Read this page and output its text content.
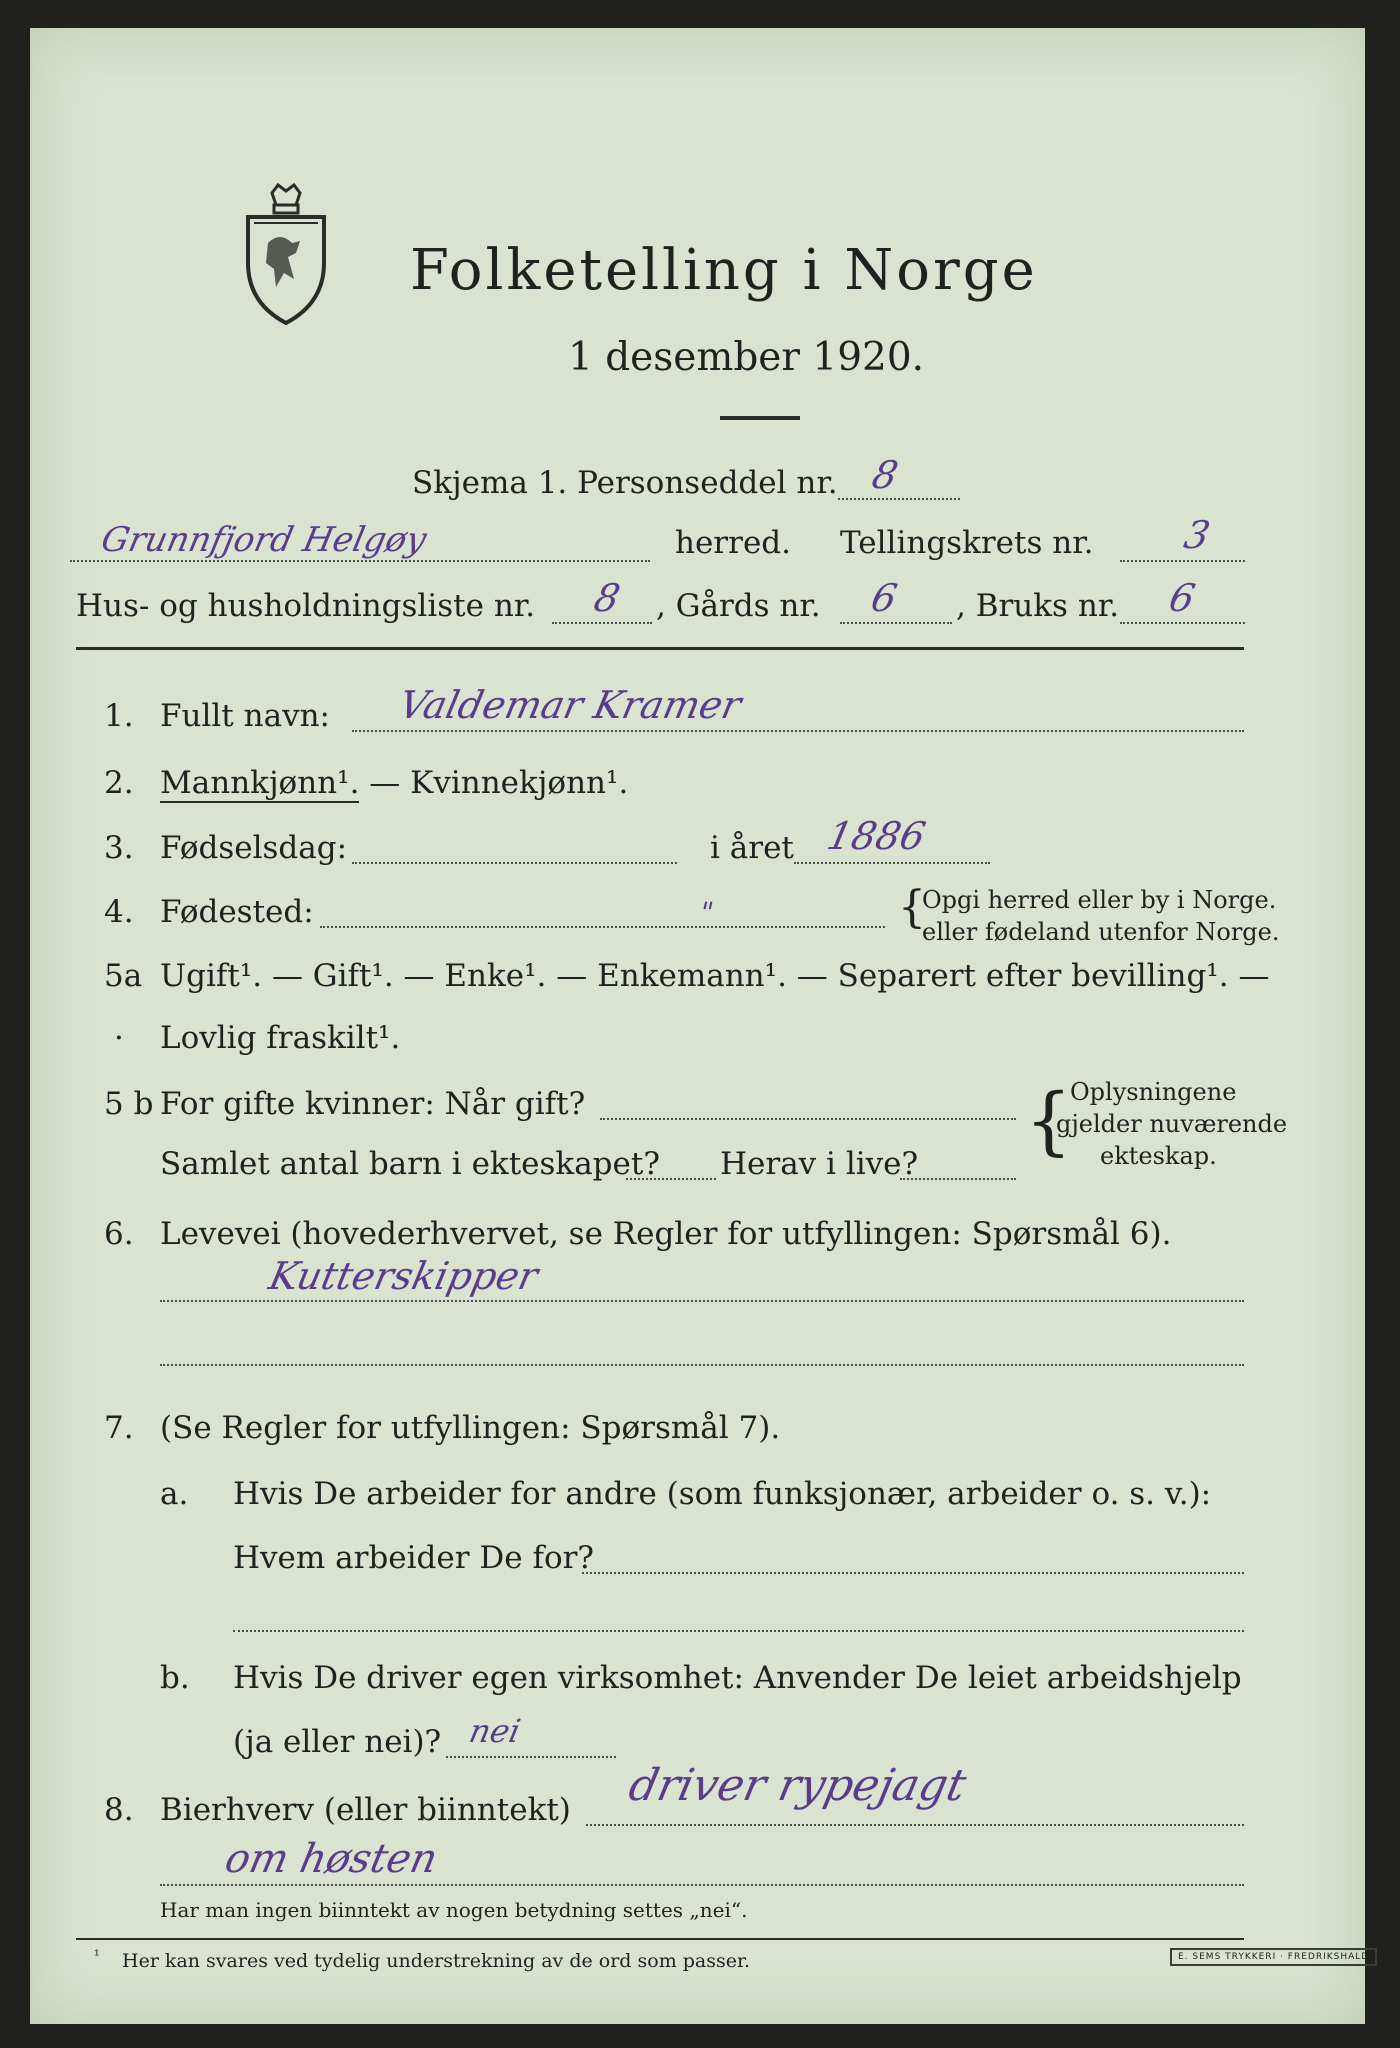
Folketelling i Norge
1 desember 1920.
Skjema 1. Personseddel nr. 8
Grunnfjord Helgøy	herred. Tellingskrets nr. 3
Hus- og husholdningsliste nr. 8 , Gårds nr. 6 , Bruks nr. 6
1. Fullt navn: Valdemar Kramer
2. Mannkjønn¹. — Kvinnekjønn¹.
3. Fødselsdag:	i året 1886
4. Fødested:	"	{
Opgi herred eller by i Norge.
eller fødeland utenfor Norge.
5a Ugift¹. — Gift¹. — Enke¹. — Enkemann¹. — Separert efter bevilling¹. —
· Lovlig fraskilt¹.
5 b For gifte kvinner: Når gift?
Samlet antal barn i ekteskapet? Herav i live? {
Oplysningene
gjelder nuværende
ekteskap.
6. Levevei (hovederhvervet, se Regler for utfyllingen: Spørsmål 6).
Kutterskipper
7. (Se Regler for utfyllingen: Spørsmål 7).
a. Hvis De arbeider for andre (som funksjonær, arbeider o. s. v.):
Hvem arbeider De for?
b. Hvis De driver egen virksomhet: Anvender De leiet arbeidshjelp
(ja eller nei)? nei
8. Bierhverv (eller biinntekt) driver rypejagt
om høsten
Har man ingen biinntekt av nogen betydning settes „nei“.
¹ Her kan svares ved tydelig understrekning av de ord som passer.	E. SEMS TRYKKERI · FREDRIKSHALD
